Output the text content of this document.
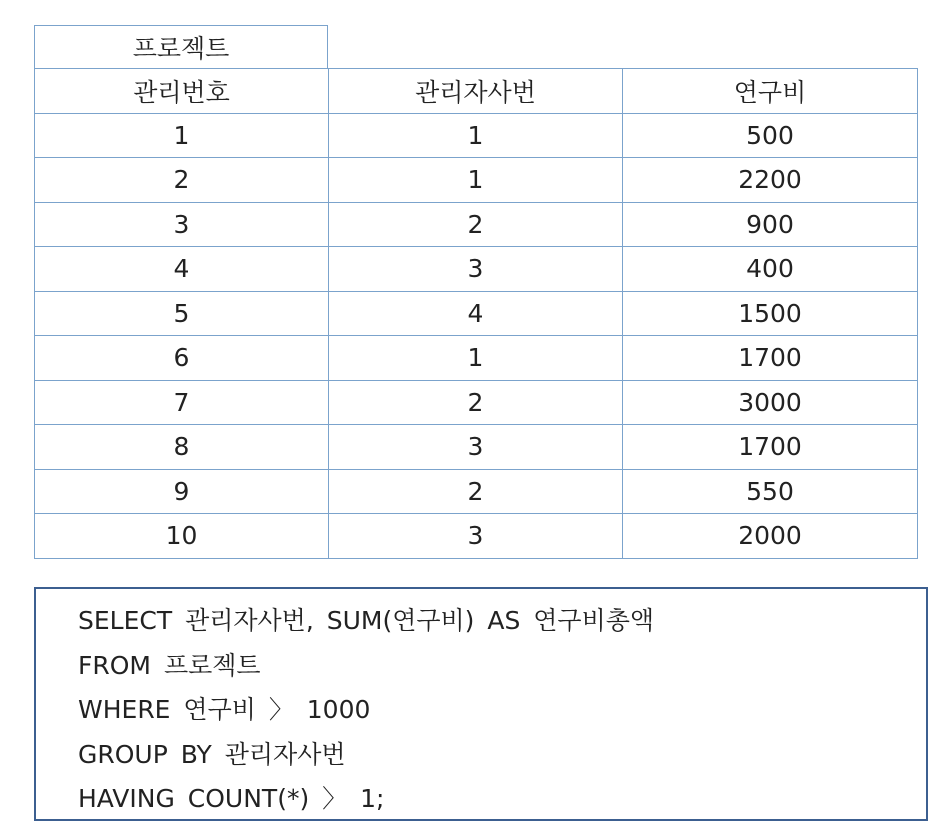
프로젝트
관리번호	관리자사번	연구비
1	1	500
2	1	2200
3	2	900
4	3	400
5	4	1500
6	1	1700
7	2	3000
8	3	1700
9	2	550
10	3	2000
SELECT 관리자사번, SUM(연구비) AS 연구비총액
FROM 프로젝트
WHERE 연구비 〉 1000
GROUP BY 관리자사번
HAVING COUNT(*) 〉 1;
